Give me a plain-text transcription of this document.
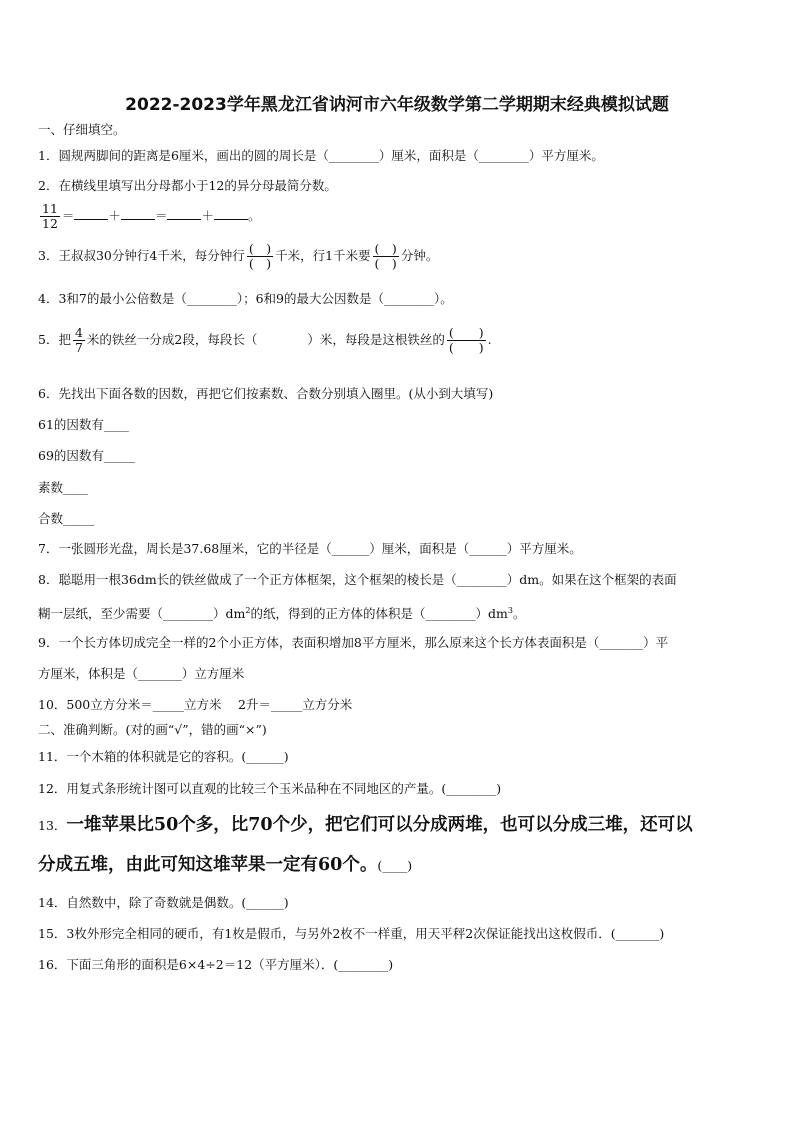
2022-2023学年黑龙江省讷河市六年级数学第二学期期末经典模拟试题
一、仔细填空。
1．圆规两脚间的距离是6厘米，画出的圆的周长是（________）厘米，面积是（________）平方厘米。
2．在横线里填写出分母都小于12的异分母最简分数。
$\frac{11}{12}$ ＝	＋	＝	＋	。
3．王叔叔30分钟行4千米，每分钟行 $\frac{( )}{( )}$ 千米，行1千米要 $\frac{( )}{( )}$ 分钟。
4．3和7的最小公倍数是（________）；6和9的最大公因数是（________）。
5．把 $\frac{4}{7}$ 米的铁丝一分成2段，每段长（　　　　）米，每段是这根铁丝的 $\frac{( )}{( )}$ .
6．先找出下面各数的因数，再把它们按素数、合数分别填入圈里。(从小到大填写)
61的因数有____
69的因数有_____
素数____
合数_____
7．一张圆形光盘，周长是37.68厘米，它的半径是（______）厘米，面积是（______）平方厘米。
8．聪聪用一根36dm长的铁丝做成了一个正方体框架，这个框架的棱长是（________）dm。如果在这个框架的表面
糊一层纸，至少需要$(\_\_\_\_\_\_\_\_)dm^2$的纸，得到的正方体的体积是$(\_\_\_\_\_\_\_\_)dm^3$。
9．一个长方体切成完全一样的2个小正方体，表面积增加8平方厘米，那么原来这个长方体表面积是（_______）平
方厘米，体积是（_______）立方厘米
10．500立方分米＝_____立方米　 2升＝_____立方分米
二、准确判断。(对的画“√”，错的画“×”)
11．一个木箱的体积就是它的容积。(______)
12．用复式条形统计图可以直观的比较三个玉米品种在不同地区的产量。(________)
13．一堆苹果比50个多，比70个少，把它们可以分成两堆，也可以分成三堆，还可以
分成五堆，由此可知这堆苹果一定有60个。(____)
14．自然数中，除了奇数就是偶数。(______)
15．3枚外形完全相同的硬币，有1枚是假币，与另外2枚不一样重，用天平秤2次保证能找出这枚假币．(_______)
16．下面三角形的面积是6×4÷2＝12（平方厘米）．(________)
